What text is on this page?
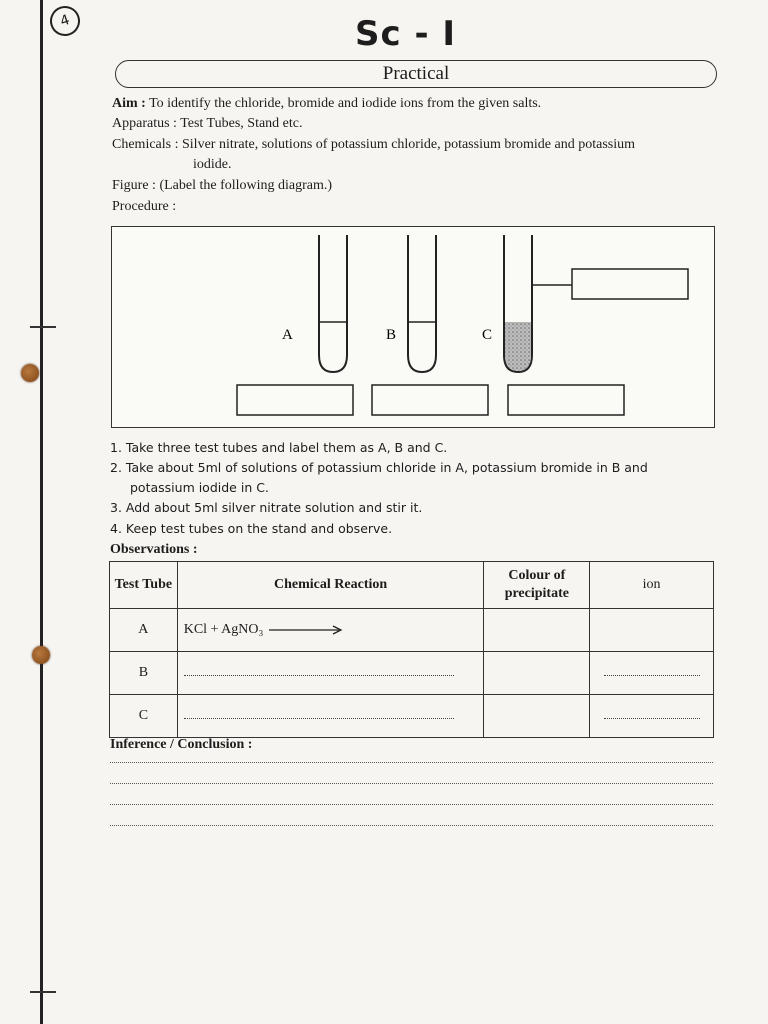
4	Sc - I
Practical
Aim : To identify the chloride, bromide and iodide ions from the given salts.
Apparatus : Test Tubes, Stand etc.
Chemicals : Silver nitrate, solutions of potassium chloride, potassium bromide and potassium
iodide.
Figure : (Label the following diagram.)
Procedure :
A	B	C
1. Take three test tubes and label them as A, B and C.
2. Take about 5ml of solutions of potassium chloride in A, potassium bromide in B and
potassium iodide in C.
3. Add about 5ml silver nitrate solution and stir it.
4. Keep test tubes on the stand and observe.
Observations :
Test Tube	Chemical Reaction	Colour of precipitate	ion
A	KCl + AgNO₃		
B			
C			
Inference / Conclusion :
